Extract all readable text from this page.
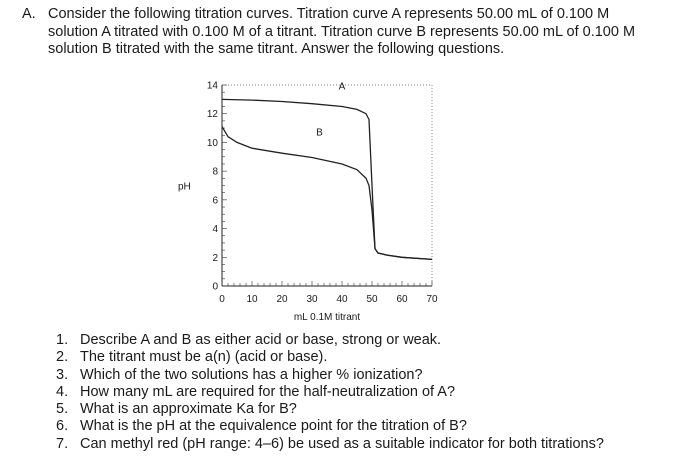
A. Consider the following titration curves. Titration curve A represents 50.00 mL of 0.100 M solution A titrated with 0.100 M of a titrant. Titration curve B represents 50.00 mL of 0.100 M solution B titrated with the same titrant. Answer the following questions.
0 10 20 30 40 50 60 70
0
2
4
6
8
10
12
14
mL 0.1M titrant
pH
A
B
1. Describe A and B as either acid or base, strong or weak.
2. The titrant must be a(n) (acid or base).
3. Which of the two solutions has a higher % ionization?
4. How many mL are required for the half-neutralization of A?
5. What is an approximate Ka for B?
6. What is the pH at the equivalence point for the titration of B?
7. Can methyl red (pH range: 4–6) be used as a suitable indicator for both titrations?
